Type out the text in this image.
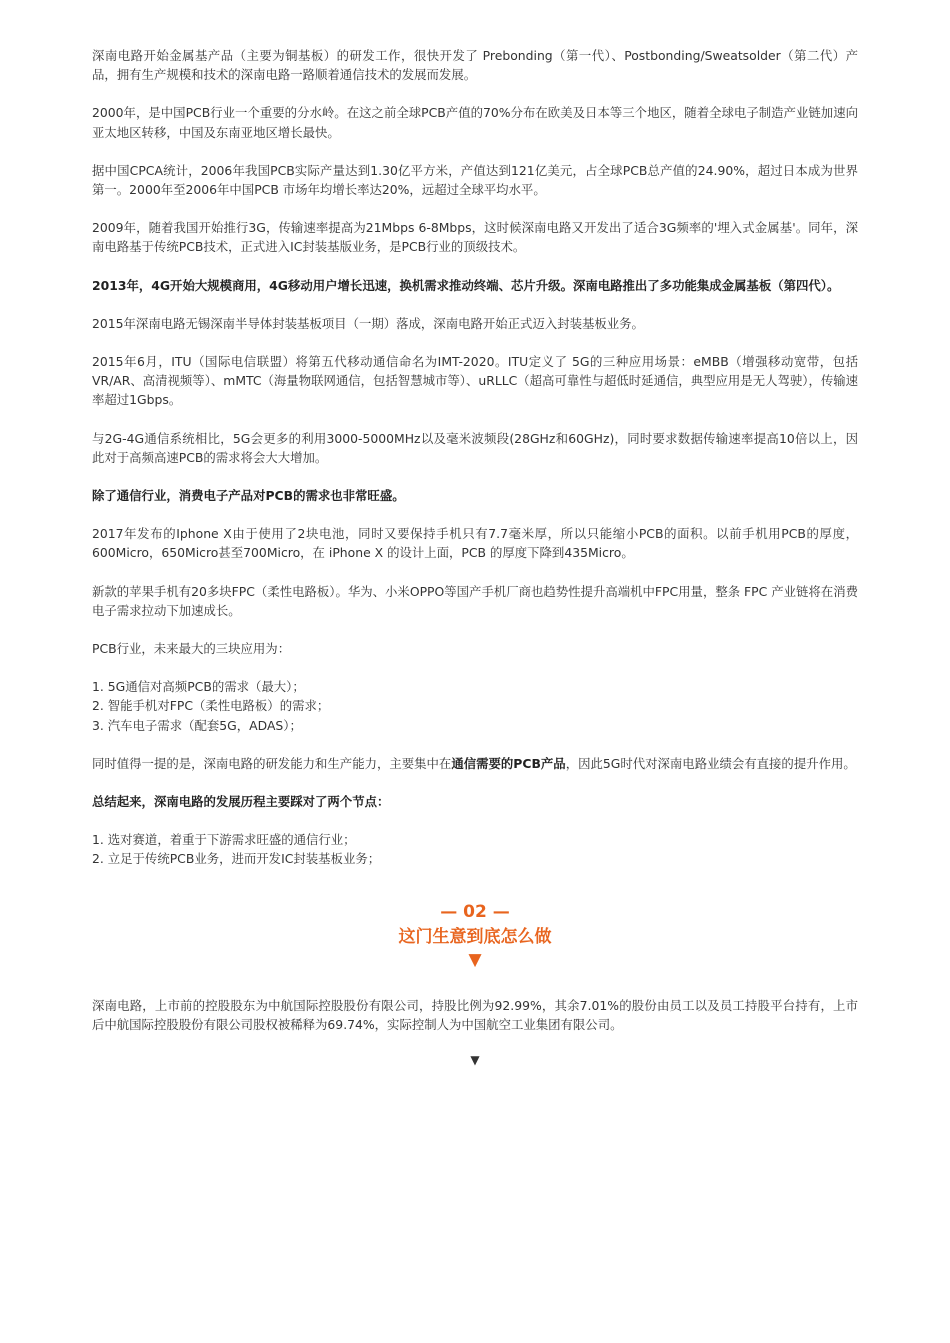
深南电路开始金属基产品（主要为铜基板）的研发工作，很快开发了 Prebonding（第一代）、Postbonding/Sweatsolder（第二代）产品，拥有生产规模和技术的深南电路一路顺着通信技术的发展而发展。

2000年，是中国PCB行业一个重要的分水岭。在这之前全球PCB产值的70%分布在欧美及日本等三个地区，随着全球电子制造产业链加速向亚太地区转移，中国及东南亚地区增长最快。

据中国CPCA统计，2006年我国PCB实际产量达到1.30亿平方米，产值达到121亿美元，占全球PCB总产值的24.90%，超过日本成为世界第一。2000年至2006年中国PCB 市场年均增长率达20%，远超过全球平均水平。

2009年，随着我国开始推行3G，传输速率提高为21Mbps 6-8Mbps，这时候深南电路又开发出了适合3G频率的'埋入式金属基'。同年，深南电路基于传统PCB技术，正式进入IC封装基版业务，是PCB行业的顶级技术。

2013年，4G开始大规模商用，4G移动用户增长迅速，换机需求推动终端、芯片升级。深南电路推出了多功能集成金属基板（第四代）。

2015年深南电路无锡深南半导体封装基板项目（一期）落成，深南电路开始正式迈入封装基板业务。

2015年6月，ITU（国际电信联盟）将第五代移动通信命名为IMT-2020。ITU定义了 5G的三种应用场景：eMBB（增强移动宽带，包括VR/AR、高清视频等）、mMTC（海量物联网通信，包括智慧城市等）、uRLLC（超高可靠性与超低时延通信，典型应用是无人驾驶），传输速率超过1Gbps。

与2G-4G通信系统相比，5G会更多的利用3000-5000MHz以及毫米波频段(28GHz和60GHz)，同时要求数据传输速率提高10倍以上，因此对于高频高速PCB的需求将会大大增加。

除了通信行业，消费电子产品对PCB的需求也非常旺盛。

2017年发布的Iphone X由于使用了2块电池，同时又要保持手机只有7.7毫米厚，所以只能缩小PCB的面积。以前手机用PCB的厚度，600Micro，650Micro甚至700Micro，在 iPhone X 的设计上面，PCB 的厚度下降到435Micro。

新款的苹果手机有20多块FPC（柔性电路板）。华为、小米OPPO等国产手机厂商也趋势性提升高端机中FPC用量，整条 FPC 产业链将在消费电子需求拉动下加速成长。

PCB行业，未来最大的三块应用为：

1. 5G通信对高频PCB的需求（最大）；

2. 智能手机对FPC（柔性电路板）的需求；

3. 汽车电子需求（配套5G，ADAS）；

同时值得一提的是，深南电路的研发能力和生产能力，主要集中在通信需要的PCB产品，因此5G时代对深南电路业绩会有直接的提升作用。

总结起来，深南电路的发展历程主要踩对了两个节点：

1. 选对赛道，着重于下游需求旺盛的通信行业；

2. 立足于传统PCB业务，进而开发IC封装基板业务；

— 02 —
这门生意到底怎么做
▼

深南电路，上市前的控股股东为中航国际控股股份有限公司，持股比例为92.99%，其余7.01%的股份由员工以及员工持股平台持有，上市后中航国际控股股份有限公司股权被稀释为69.74%，实际控制人为中国航空工业集团有限公司。

▼
